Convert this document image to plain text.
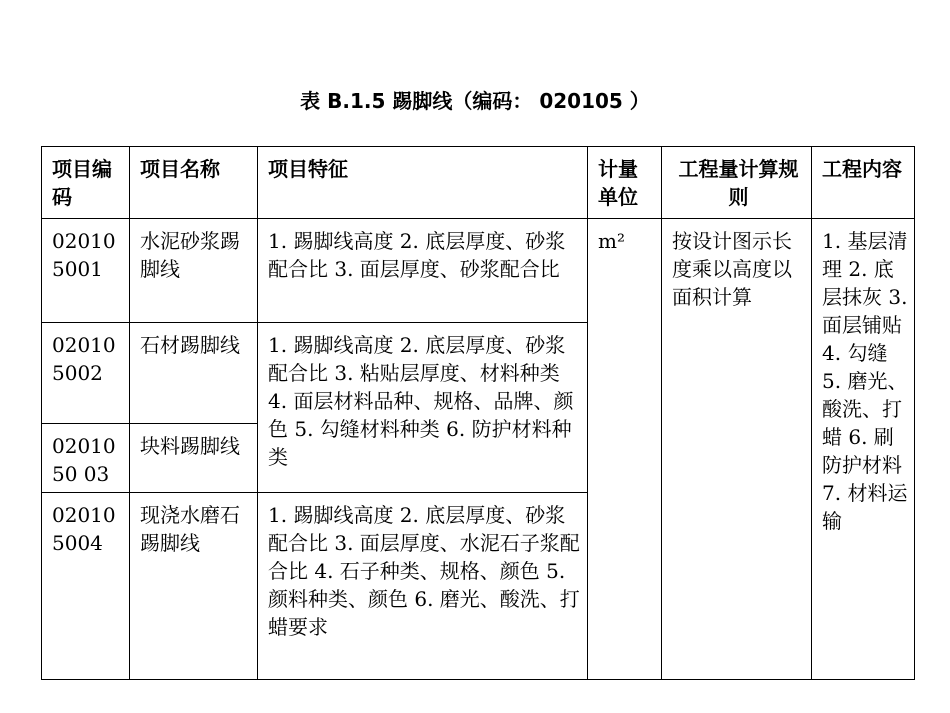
表 B.1.5 踢脚线（编码： 020105 ）
项目编码	项目名称	项目特征	计量单位	工程量计算规则	工程内容
020105001	水泥砂浆踢脚线	1. 踢脚线高度 2. 底层厚度、砂浆配合比 3. 面层厚度、砂浆配合比	m²	按设计图示长度乘以高度以面积计算	1. 基层清理 2. 底层抹灰 3. 面层铺贴 4. 勾缝 5. 磨光、酸洗、打蜡 6. 刷防护材料 7. 材料运输
020105002	石材踢脚线	1. 踢脚线高度 2. 底层厚度、砂浆配合比 3. 粘贴层厚度、材料种类 4. 面层材料品种、规格、品牌、颜色 5. 勾缝材料种类 6. 防护材料种类			
02010 50 03	块料踢脚线				
020105004	现浇水磨石踢脚线	1. 踢脚线高度 2. 底层厚度、砂浆配合比 3. 面层厚度、水泥石子浆配合比 4. 石子种类、规格、颜色 5. 颜料种类、颜色 6. 磨光、酸洗、打蜡要求			
